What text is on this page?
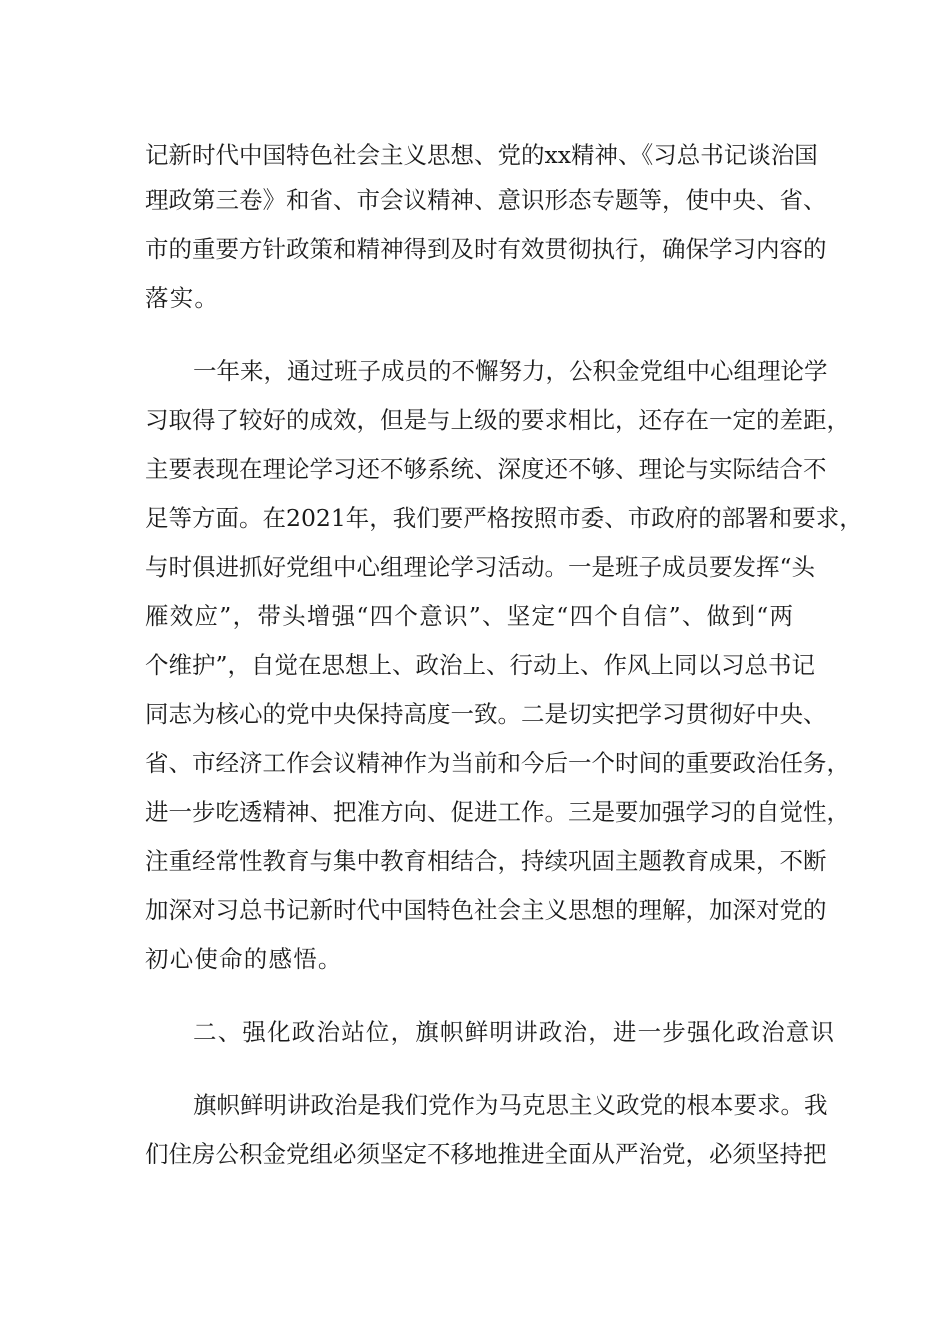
记新时代中国特色社会主义思想、党的xx精神、《习总书记谈治国
理政第三卷》和省、市会议精神、意识形态专题等，使中央、省、
市的重要方针政策和精神得到及时有效贯彻执行，确保学习内容的
落实。
一年来，通过班子成员的不懈努力，公积金党组中心组理论学
习取得了较好的成效，但是与上级的要求相比，还存在一定的差距，
主要表现在理论学习还不够系统、深度还不够、理论与实际结合不
足等方面。在2021年，我们要严格按照市委、市政府的部署和要求，
与时俱进抓好党组中心组理论学习活动。一是班子成员要发挥“头
雁效应”，带头增强“四个意识”、坚定“四个自信”、做到“两
个维护”，自觉在思想上、政治上、行动上、作风上同以习总书记
同志为核心的党中央保持高度一致。二是切实把学习贯彻好中央、
省、市经济工作会议精神作为当前和今后一个时间的重要政治任务，
进一步吃透精神、把准方向、促进工作。三是要加强学习的自觉性，
注重经常性教育与集中教育相结合，持续巩固主题教育成果，不断
加深对习总书记新时代中国特色社会主义思想的理解，加深对党的
初心使命的感悟。
二、强化政治站位，旗帜鲜明讲政治，进一步强化政治意识
旗帜鲜明讲政治是我们党作为马克思主义政党的根本要求。我
们住房公积金党组必须坚定不移地推进全面从严治党，必须坚持把
